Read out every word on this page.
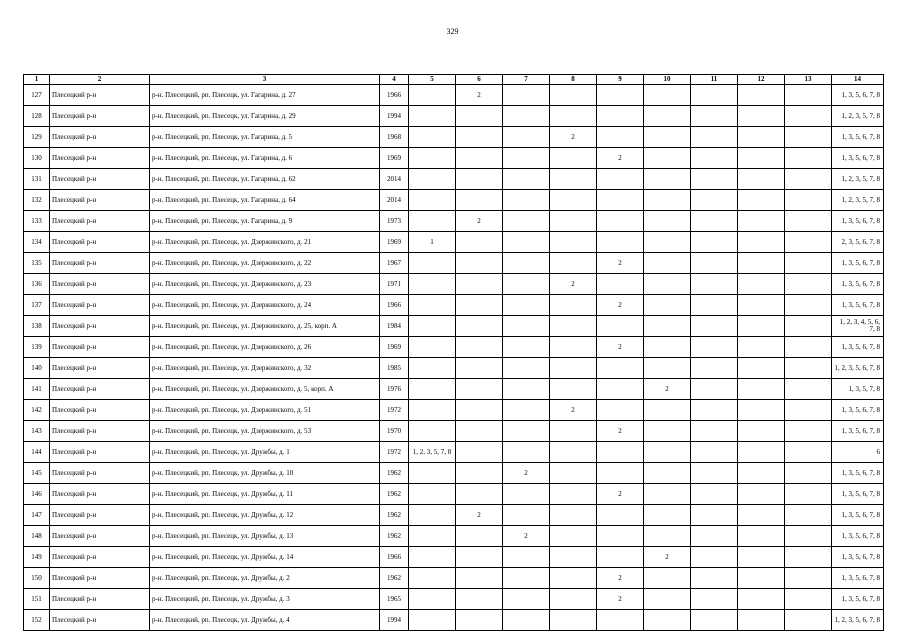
329
1	2	3	4	5	6	7	8	9	10	11	12	13	14
127	Плесецкий р-н	р-н. Плесецкий, рп. Плесецк, ул. Гагарина, д. 27	1966		2								1, 3, 5, 6, 7, 8
128	Плесецкий р-н	р-н. Плесецкий, рп. Плесецк, ул. Гагарина, д. 29	1994										1, 2, 3, 5, 7, 8
129	Плесецкий р-н	р-н. Плесецкий, рп. Плесецк, ул. Гагарина, д. 5	1968				2						1, 3, 5, 6, 7, 8
130	Плесецкий р-н	р-н. Плесецкий, рп. Плесецк, ул. Гагарина, д. 6	1969					2					1, 3, 5, 6, 7, 8
131	Плесецкий р-н	р-н. Плесецкий, рп. Плесецк, ул. Гагарина, д. 62	2014										1, 2, 3, 5, 7, 8
132	Плесецкий р-н	р-н. Плесецкий, рп. Плесецк, ул. Гагарина, д. 64	2014										1, 2, 3, 5, 7, 8
133	Плесецкий р-н	р-н. Плесецкий, рп. Плесецк, ул. Гагарина, д. 9	1973		2								1, 3, 5, 6, 7, 8
134	Плесецкий р-н	р-н. Плесецкий, рп. Плесецк, ул. Дзержинского, д. 21	1969	1									2, 3, 5, 6, 7, 8
135	Плесецкий р-н	р-н. Плесецкий, рп. Плесецк, ул. Дзержинского, д. 22	1967					2					1, 3, 5, 6, 7, 8
136	Плесецкий р-н	р-н. Плесецкий, рп. Плесецк, ул. Дзержинского, д. 23	1971				2						1, 3, 5, 6, 7, 8
137	Плесецкий р-н	р-н. Плесецкий, рп. Плесецк, ул. Дзержинского, д. 24	1966					2					1, 3, 5, 6, 7, 8
138	Плесецкий р-н	р-н. Плесецкий, рп. Плесецк, ул. Дзержинского, д. 25, корп. А	1984										1, 2, 3, 4, 5, 6, 7, 8
139	Плесецкий р-н	р-н. Плесецкий, рп. Плесецк, ул. Дзержинского, д. 26	1969					2					1, 3, 5, 6, 7, 8
140	Плесецкий р-н	р-н. Плесецкий, рп. Плесецк, ул. Дзержинского, д. 32	1985										1, 2, 3, 5, 6, 7, 8
141	Плесецкий р-н	р-н. Плесецкий, рп. Плесецк, ул. Дзержинского, д. 5, корп. А	1976						2				1, 3, 5, 7, 8
142	Плесецкий р-н	р-н. Плесецкий, рп. Плесецк, ул. Дзержинского, д. 51	1972				2						1, 3, 5, 6, 7, 8
143	Плесецкий р-н	р-н. Плесецкий, рп. Плесецк, ул. Дзержинского, д. 53	1970					2					1, 3, 5, 6, 7, 8
144	Плесецкий р-н	р-н. Плесецкий, рп. Плесецк, ул. Дружбы, д. 1	1972	1, 2, 3, 5, 7, 8									6
145	Плесецкий р-н	р-н. Плесецкий, рп. Плесецк, ул. Дружбы, д. 10	1962			2							1, 3, 5, 6, 7, 8
146	Плесецкий р-н	р-н. Плесецкий, рп. Плесецк, ул. Дружбы, д. 11	1962					2					1, 3, 5, 6, 7, 8
147	Плесецкий р-н	р-н. Плесецкий, рп. Плесецк, ул. Дружбы, д. 12	1962		2								1, 3, 5, 6, 7, 8
148	Плесецкий р-н	р-н. Плесецкий, рп. Плесецк, ул. Дружбы, д. 13	1962			2							1, 3, 5, 6, 7, 8
149	Плесецкий р-н	р-н. Плесецкий, рп. Плесецк, ул. Дружбы, д. 14	1966						2				1, 3, 5, 6, 7, 8
150	Плесецкий р-н	р-н. Плесецкий, рп. Плесецк, ул. Дружбы, д. 2	1962					2					1, 3, 5, 6, 7, 8
151	Плесецкий р-н	р-н. Плесецкий, рп. Плесецк, ул. Дружбы, д. 3	1965					2					1, 3, 5, 6, 7, 8
152	Плесецкий р-н	р-н. Плесецкий, рп. Плесецк, ул. Дружбы, д. 4	1994										1, 2, 3, 5, 6, 7, 8
